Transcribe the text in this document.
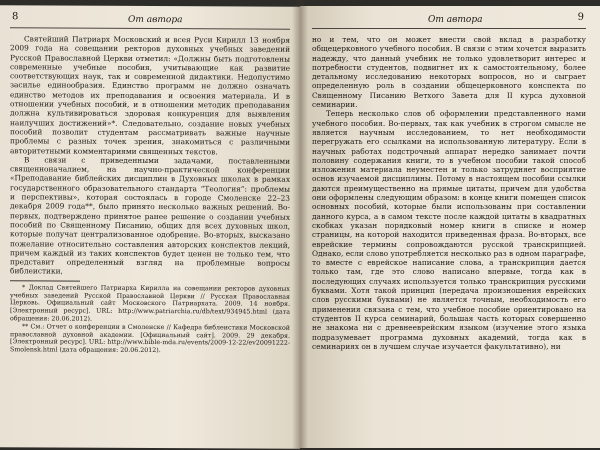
8	От автора

Святейший Патриарх Московский и всея Руси Кирилл 13 ноября 2009 года на совещании ректоров духовных учебных заведений Русской Православной Церкви отметил: «Должны быть подготовлены современные учебные пособия, учитывающие как развитие соответствующих наук, так и современной дидактики. Недопустимо засилье единообразия. Единство программ не должно означать единство методов их преподавания и освоения материала. И в отношении учебных пособий, и в отношении методик преподавания должна культивироваться здоровая конкуренция для выявления наилучших достижений»*. Следовательно, создание новых учебных пособий позволит студентам рассматривать важные научные проблемы с разных точек зрения, знакомиться с различными авторитетными комментариями священных текстов.

В связи с приведенными задачами, поставленными священноначалием, на научно-практической конференции «Преподавание библейских дисциплин в Духовных школах в рамках государственного образовательного стандарта “Теология”: проблемы и перспективы», которая состоялась в городе Смоленске 22–23 декабря 2009 года**, было принято несколько важных решений. Во-первых, подтверждено принятое ранее решение о создании учебных пособий по Священному Писанию, общих для всех духовных школ, которые получат централизованное одобрение. Во-вторых, высказано пожелание относительно составления авторских конспектов лекций, причем каждый из таких конспектов будет ценен не только тем, что представит определенный взгляд на проблемные вопросы библеистики,

* Доклад Святейшего Патриарха Кирилла на совещании ректоров духовных учебных заведений Русской Православной Церкви // Русская Православная Церковь. Официальный сайт Московского Патриархата. 2009. 14 ноября. [Электронный ресурс]. URL: http://www.patriarchia.ru/db/text/934945.html (дата обращения: 20.06.2012).

** См.: Отчет о конференции в Смоленске // Кафедра библеистики Московской православной духовной академии. [Официальный сайт]. 2009. 29 декабря. [Электронный ресурс]. URL: http://www.bible-mda.ru/events/2009-12-22/ev20091222-Smolensk.html (дата обращения: 20.06.2012).

От автора	9

но и тем, что он может внести свой вклад в разработку общецерковного учебного пособия. В связи с этим хочется выразить надежду, что данный учебник не только удовлетворит интерес и потребности студентов, подвигнет их к самостоятельному, более детальному исследованию некоторых вопросов, но и сыграет определенную роль в создании общецерковного конспекта по Священному Писанию Ветхого Завета для II курса духовной семинарии.

Теперь несколько слов об оформлении представленного нами учебного пособия. Во-первых, так как учебник в строгом смысле не является научным исследованием, то нет необходимости перегружать его ссылками на использованную литературу. Если в научных работах подстрочный аппарат нередко занимает почти половину содержания книги, то в учебном пособии такой способ изложения материала неуместен и только затрудняет восприятие основ изучаемой дисциплины. Потому в настоящем пособии ссылки даются преимущественно на прямые цитаты, причем для удобства они оформлены следующим образом: в конце книги помещен список основных пособий, которые были использованы при составлении данного курса, а в самом тексте после каждой цитаты в квадратных скобках указан порядковый номер книги в списке и номер страницы, на которой находится приведенная фраза. Во-вторых, все еврейские термины сопровождаются русской транскрипцией. Однако, если слово употребляется несколько раз в одном параграфе, то вместе с еврейское написание слова, а транскрипция дается только там, где это слово написано впервые, тогда как в последующих случаях используется только транскрипция русскими буквами. Хотя такой принцип (передача произношения еврейских слов русскими буквами) не является точным, необходимость его применения связана с тем, что учебное пособие ориентировано на студентов II курса семинарий, большая часть которых совершенно не знакома ни с древнееврейским языком (изучение этого языка подразумевает программа духовных академий, тогда как в семинариях он в лучшем случае изучается факультативно), ни
